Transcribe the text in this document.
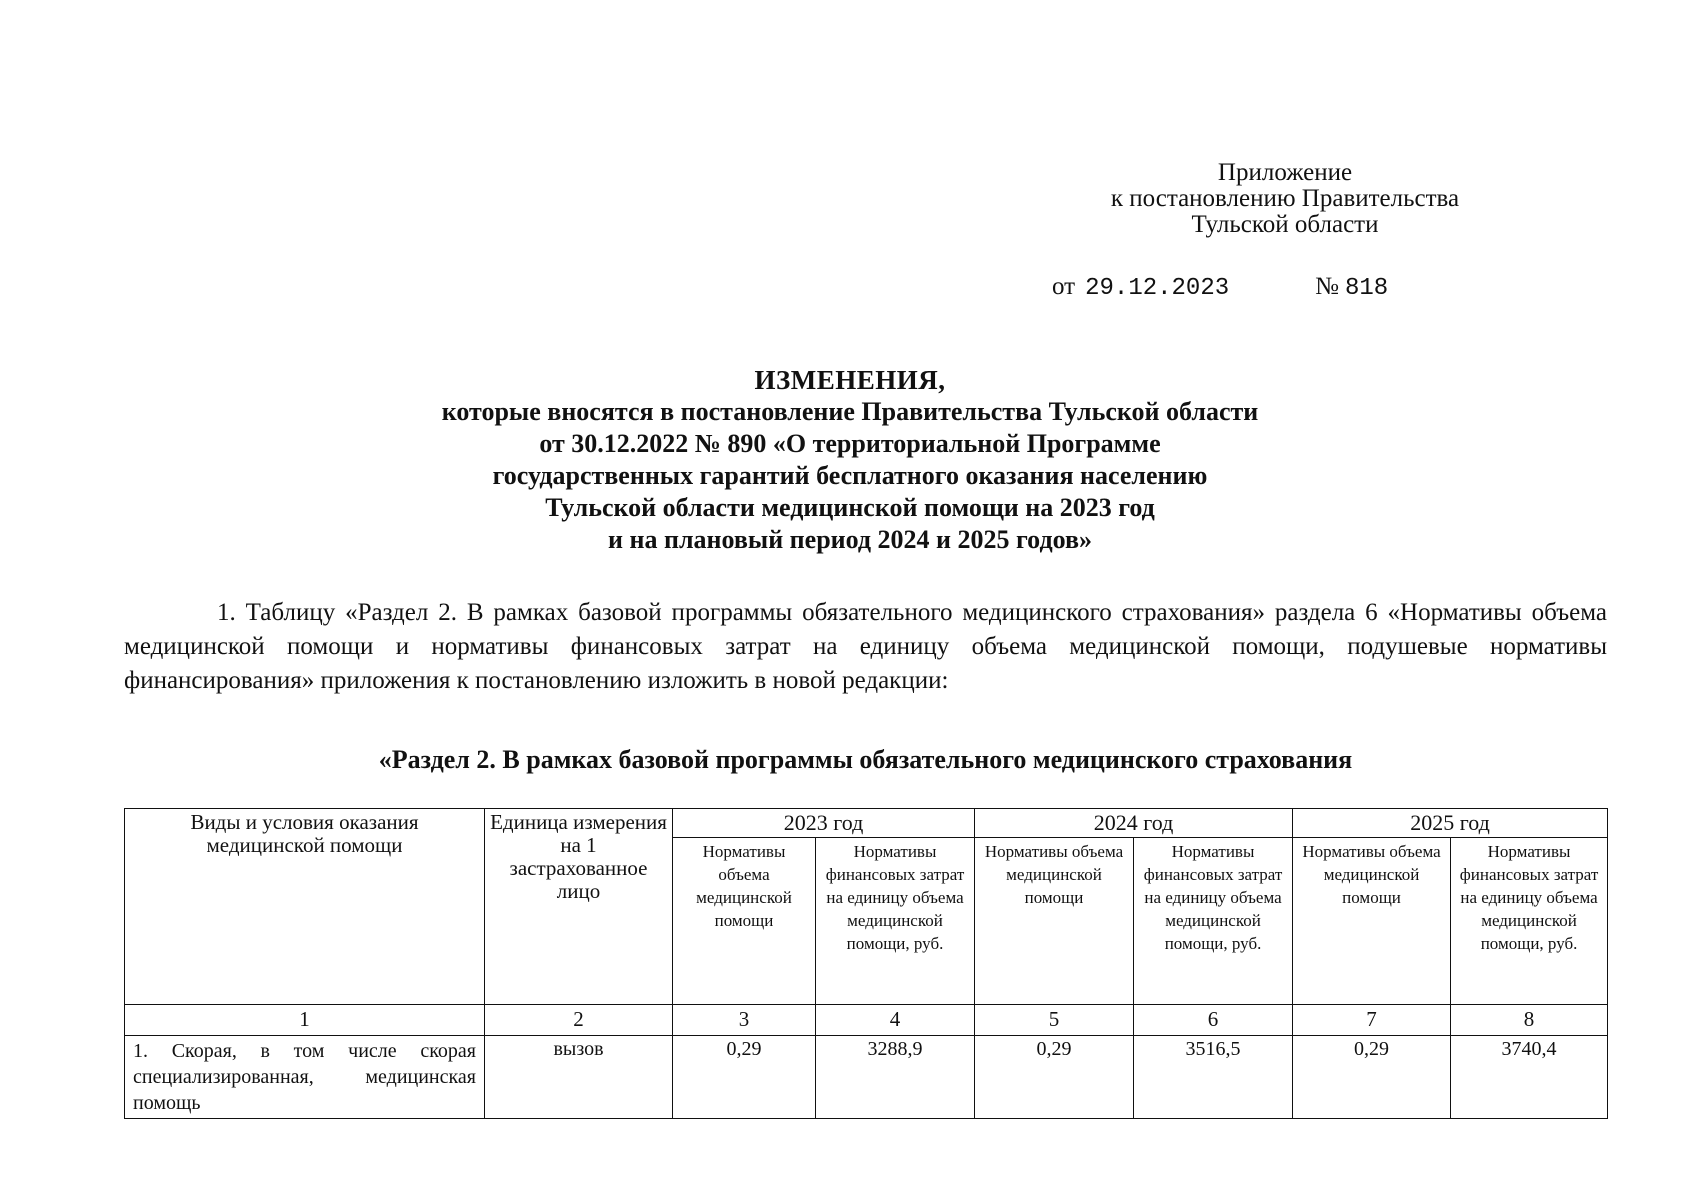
Приложение
к постановлению Правительства
Тульской области
от 29.12.2023	№ 818
ИЗМЕНЕНИЯ,
которые вносятся в постановление Правительства Тульской области
от 30.12.2022 № 890 «О территориальной Программе
государственных гарантий бесплатного оказания населению
Тульской области медицинской помощи на 2023 год
и на плановый период 2024 и 2025 годов»
1. Таблицу «Раздел 2. В рамках базовой программы обязательного медицинского страхования» раздела 6 «Нормативы объема медицинской помощи и нормативы финансовых затрат на единицу объема медицинской помощи, подушевые нормативы финансирования» приложения к постановлению изложить в новой редакции:
«Раздел 2. В рамках базовой программы обязательного медицинского страхования
Виды и условия оказания медицинской помощи	Единица измерения на 1 застрахованное лицо	2023 год		2024 год		2025 год	
		Нормативы объема медицинской помощи	Нормативы финансовых затрат на единицу объема медицинской помощи, руб.	Нормативы объема медицинской помощи	Нормативы финансовых затрат на единицу объема медицинской помощи, руб.	Нормативы объема медицинской помощи	Нормативы финансовых затрат на единицу объема медицинской помощи, руб.
1	2	3	4	5	6	7	8
1. Скорая, в том числе скорая специализированная, медицинская помощь	вызов	0,29	3288,9	0,29	3516,5	0,29	3740,4
